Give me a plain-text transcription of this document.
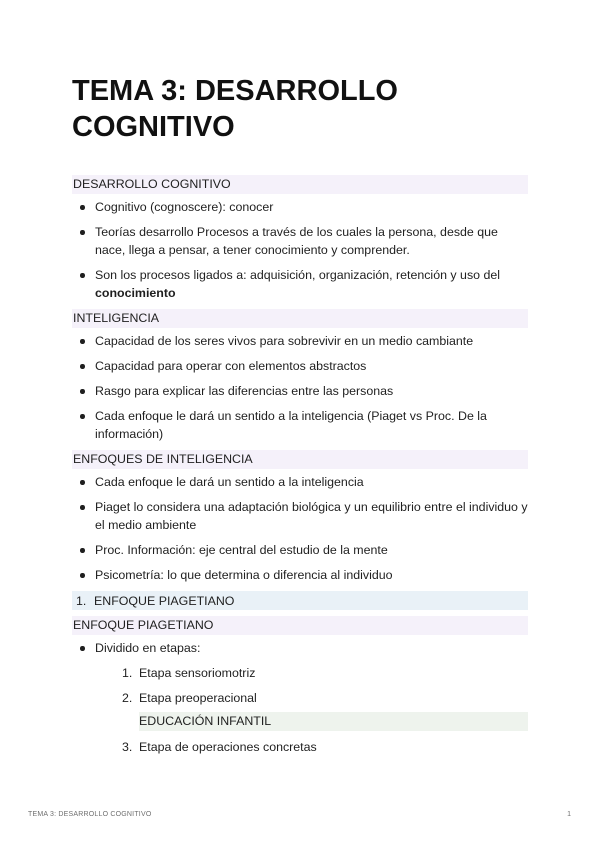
TEMA 3: DESARROLLO COGNITIVO
DESARROLLO COGNITIVO
Cognitivo (cognoscere): conocer
Teorías desarrollo Procesos a través de los cuales la persona, desde que nace, llega a pensar, a tener conocimiento y comprender.
Son los procesos ligados a: adquisición, organización, retención y uso del conocimiento
INTELIGENCIA
Capacidad de los seres vivos para sobrevivir en un medio cambiante
Capacidad para operar con elementos abstractos
Rasgo para explicar las diferencias entre las personas
Cada enfoque le dará un sentido a la inteligencia (Piaget vs Proc. De la información)
ENFOQUES DE INTELIGENCIA
Cada enfoque le dará un sentido a la inteligencia
Piaget lo considera una adaptación biológica y un equilibrio entre el individuo y el medio ambiente
Proc. Información: eje central del estudio de la mente
Psicometría: lo que determina o diferencia al individuo
1. ENFOQUE PIAGETIANO
ENFOQUE PIAGETIANO
Dividido en etapas:
1. Etapa sensoriomotriz
2. Etapa preoperacional
EDUCACIÓN INFANTIL
3. Etapa de operaciones concretas
TEMA 3: DESARROLLO COGNITIVO	1
